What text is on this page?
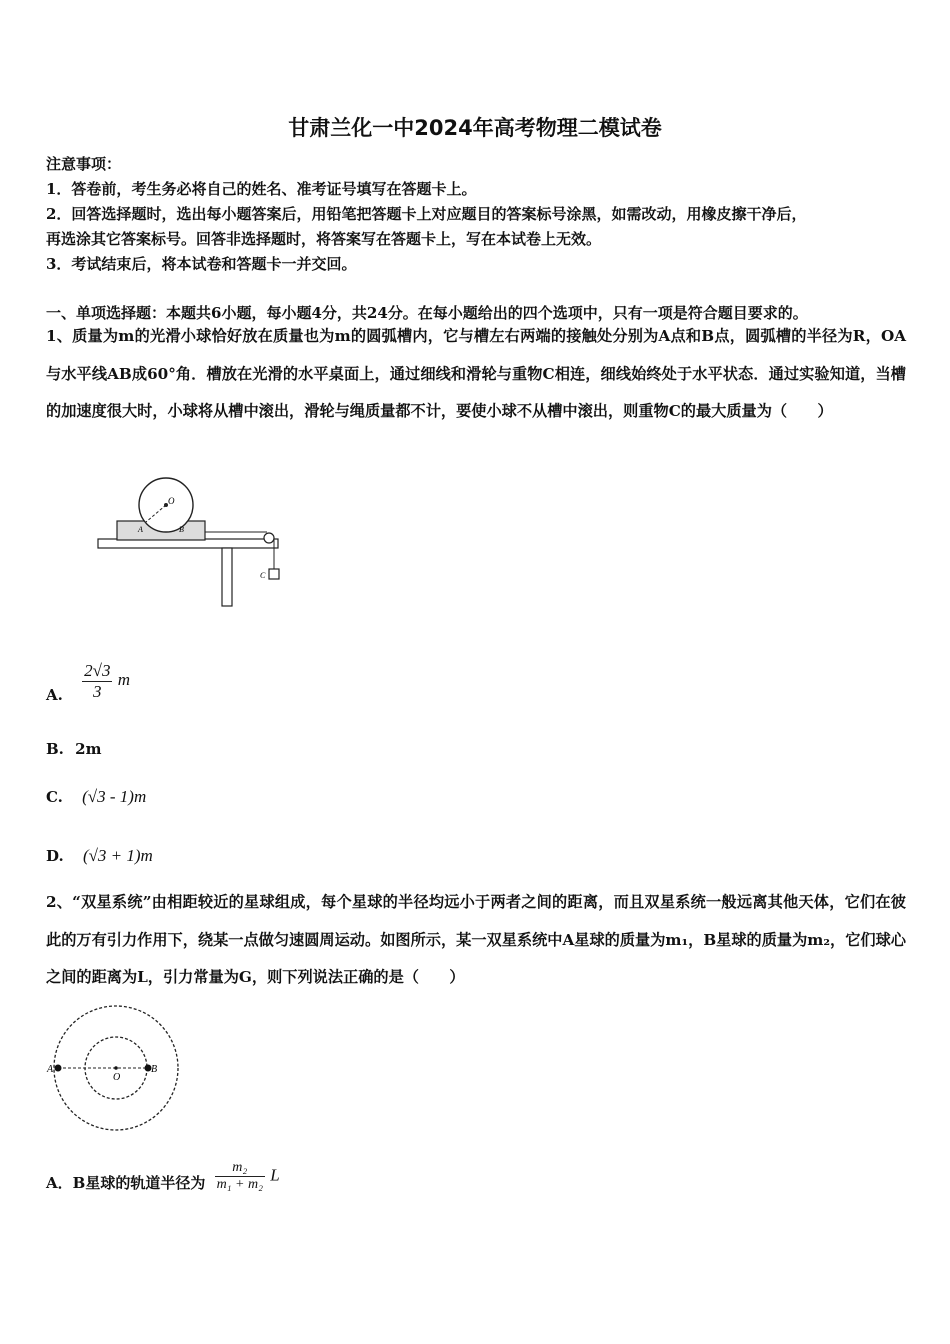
甘肃兰化一中2024年高考物理二模试卷
注意事项：
1．答卷前，考生务必将自己的姓名、准考证号填写在答题卡上。
2．回答选择题时，选出每小题答案后，用铅笔把答题卡上对应题目的答案标号涂黑，如需改动，用橡皮擦干净后，
再选涂其它答案标号。回答非选择题时，将答案写在答题卡上，写在本试卷上无效。
3．考试结束后，将本试卷和答题卡一并交回。
一、单项选择题：本题共6小题，每小题4分，共24分。在每小题给出的四个选项中，只有一项是符合题目要求的。
1、质量为m的光滑小球恰好放在质量也为m的圆弧槽内，它与槽左右两端的接触处分别为A点和B点，圆弧槽的半径为R，OA与水平线AB成60°角．槽放在光滑的水平桌面上，通过细线和滑轮与重物C相连，细线始终处于水平状态．通过实验知道，当槽的加速度很大时，小球将从槽中滚出，滑轮与绳质量都不计，要使小球不从槽中滚出，则重物C的最大质量为（　　）
O
A	B
C
A. $\frac{2√3}{3}$ m
B. 2m
C. (√3 - 1)m
D. (√3 + 1)m
2、“双星系统”由相距较近的星球组成，每个星球的半径均远小于两者之间的距离，而且双星系统一般远离其他天体，它们在彼此的万有引力作用下，绕某一点做匀速圆周运动。如图所示，某一双星系统中A星球的质量为m₁，B星球的质量为m₂，它们球心之间的距离为L，引力常量为G，则下列说法正确的是（　　）
A
O
B
A．B星球的轨道半径为 $\frac{\text{m₂}}{\text{m₁ + m₂}}$ L
